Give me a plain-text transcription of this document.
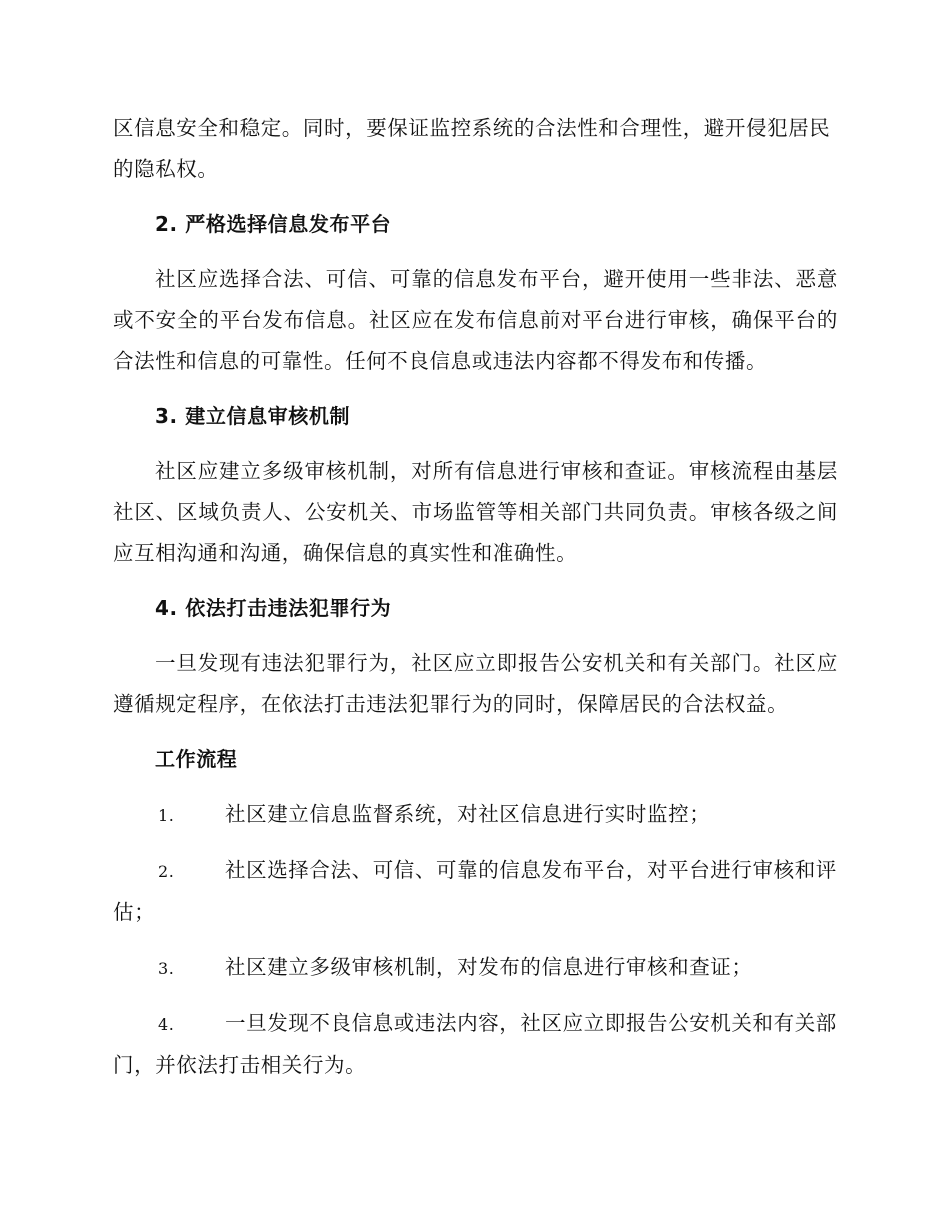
区信息安全和稳定。同时，要保证监控系统的合法性和合理性，避开侵犯居民的隐私权。

2. 严格选择信息发布平台

社区应选择合法、可信、可靠的信息发布平台，避开使用一些非法、恶意或不安全的平台发布信息。社区应在发布信息前对平台进行审核，确保平台的合法性和信息的可靠性。任何不良信息或违法内容都不得发布和传播。

3. 建立信息审核机制

社区应建立多级审核机制，对所有信息进行审核和查证。审核流程由基层社区、区域负责人、公安机关、市场监管等相关部门共同负责。审核各级之间应互相沟通和沟通，确保信息的真实性和准确性。

4. 依法打击违法犯罪行为

一旦发现有违法犯罪行为，社区应立即报告公安机关和有关部门。社区应遵循规定程序，在依法打击违法犯罪行为的同时，保障居民的合法权益。

工作流程

1. 社区建立信息监督系统，对社区信息进行实时监控；

2. 社区选择合法、可信、可靠的信息发布平台，对平台进行审核和评估；

3. 社区建立多级审核机制，对发布的信息进行审核和查证；

4. 一旦发现不良信息或违法内容，社区应立即报告公安机关和有关部门，并依法打击相关行为。
